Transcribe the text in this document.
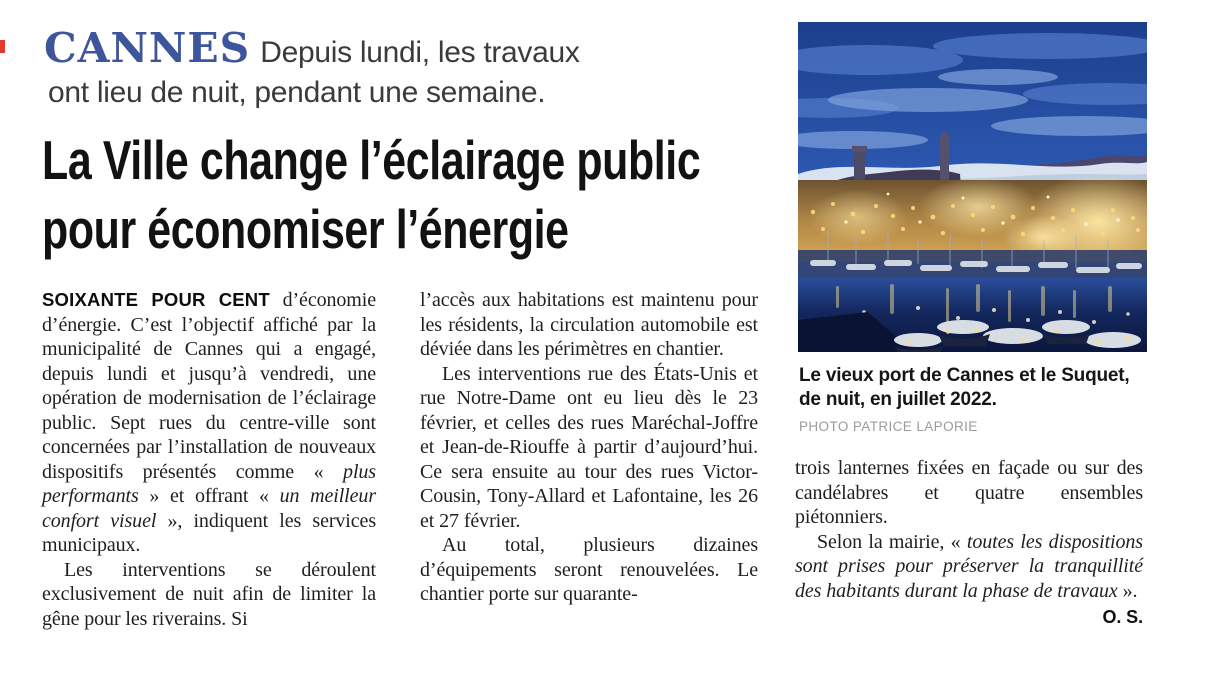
CANNES Depuis lundi, les travaux
ont lieu de nuit, pendant une semaine.
La Ville change l’éclairage public
pour économiser l’énergie

SOIXANTE POUR CENT d’économie d’énergie. C’est l’objectif affiché par la municipalité de Cannes qui a engagé, depuis lundi et jusqu’à vendredi, une opération de modernisation de l’éclairage public. Sept rues du centre-ville sont concernées par l’installation de nouveaux dispositifs présentés comme « plus performants » et offrant « un meilleur confort visuel », indiquent les services municipaux.

Les interventions se déroulent exclusivement de nuit afin de limiter la gêne pour les riverains. Si

l’accès aux habitations est maintenu pour les résidents, la circulation automobile est déviée dans les périmètres en chantier.

Les interventions rue des États-Unis et rue Notre-Dame ont eu lieu dès le 23 février, et celles des rues Maréchal-Joffre et Jean-de-Riouffe à partir d’aujourd’hui. Ce sera ensuite au tour des rues Victor-Cousin, Tony-Allard et Lafontaine, les 26 et 27 février.

Au total, plusieurs dizaines d’équipements seront renouvelées. Le chantier porte sur quarante-

Le vieux port de Cannes et le Suquet, de nuit, en juillet 2022.

PHOTO PATRICE LAPORIE

trois lanternes fixées en façade ou sur des candélabres et quatre ensembles piétonniers.

Selon la mairie, « toutes les dispositions sont prises pour préserver la tranquillité des habitants durant la phase de travaux ».

O. S.
